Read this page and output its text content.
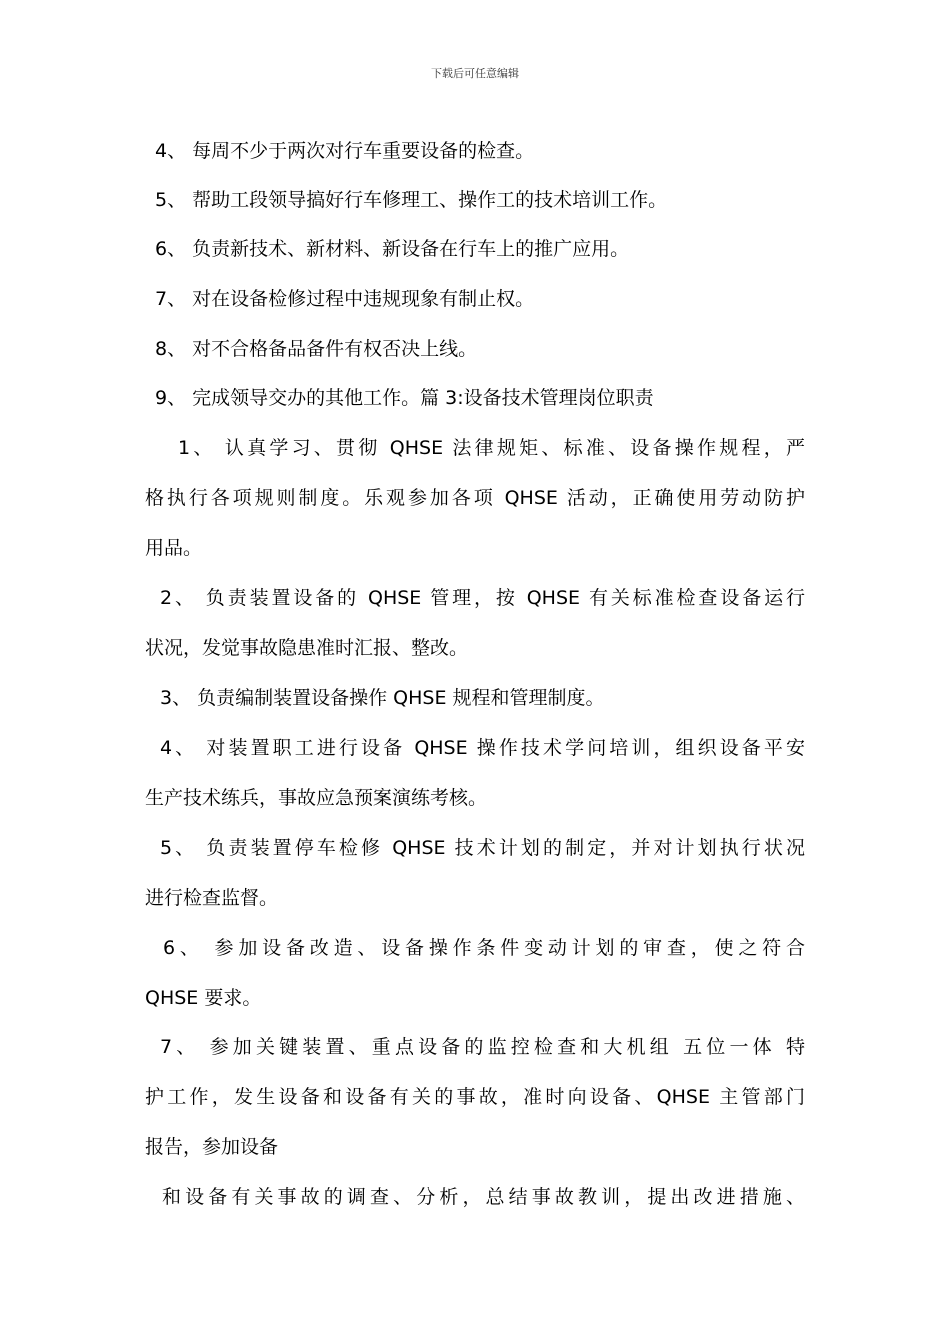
下载后可任意编辑
4、 每周不少于两次对行车重要设备的检查。
5、 帮助工段领导搞好行车修理工、操作工的技术培训工作。
6、 负责新技术、新材料、新设备在行车上的推广应用。
7、 对在设备检修过程中违规现象有制止权。
8、 对不合格备品备件有权否决上线。
9、 完成领导交办的其他工作。篇 3:设备技术管理岗位职责
1、 认真学习、贯彻 QHSE 法律规矩、标准、设备操作规程，严
格执行各项规则制度。乐观参加各项 QHSE 活动，正确使用劳动防护
用品。
2、 负责装置设备的 QHSE 管理，按 QHSE 有关标准检查设备运行
状况，发觉事故隐患准时汇报、整改。
3、 负责编制装置设备操作 QHSE 规程和管理制度。
4、 对装置职工进行设备 QHSE 操作技术学问培训，组织设备平安
生产技术练兵，事故应急预案演练考核。
5、 负责装置停车检修 QHSE 技术计划的制定，并对计划执行状况
进行检查监督。
6、 参加设备改造、设备操作条件变动计划的审查，使之符合
QHSE 要求。
7、 参加关键装置、重点设备的监控检查和大机组 五位一体 特
护工作，发生设备和设备有关的事故，准时向设备、QHSE 主管部门
报告，参加设备
和设备有关事故的调查、分析，总结事故教训，提出改进措施、
